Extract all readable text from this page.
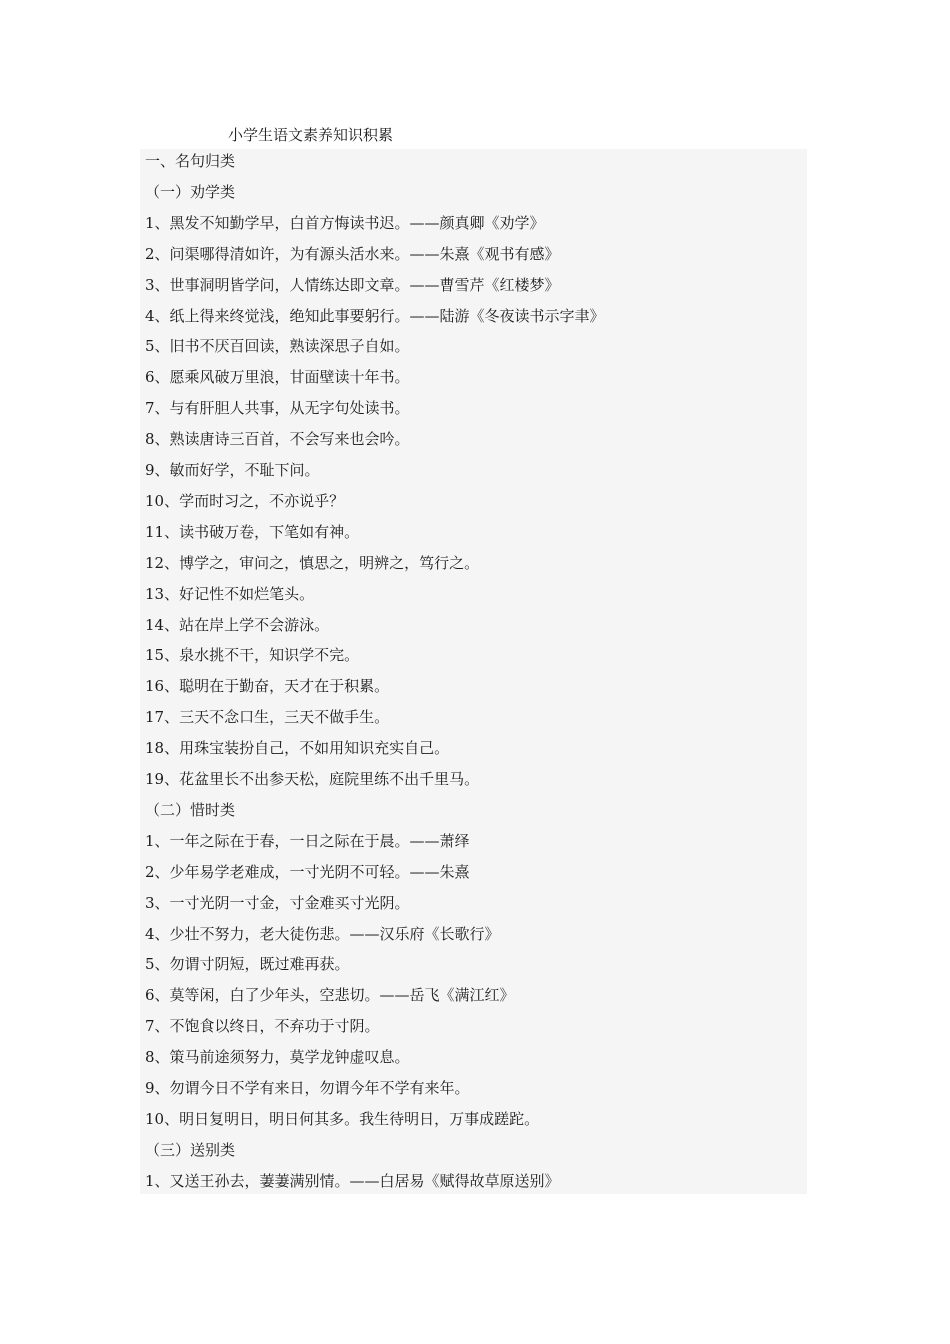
小学生语文素养知识积累
一、名句归类
（一）劝学类
1、黑发不知勤学早，白首方悔读书迟。——颜真卿《劝学》
2、问渠哪得清如许，为有源头活水来。——朱熹《观书有感》
3、世事洞明皆学问，人情练达即文章。——曹雪芹《红楼梦》
4、纸上得来终觉浅，绝知此事要躬行。——陆游《冬夜读书示字聿》
5、旧书不厌百回读，熟读深思子自如。
6、愿乘风破万里浪，甘面壁读十年书。
7、与有肝胆人共事，从无字句处读书。
8、熟读唐诗三百首，不会写来也会吟。
9、敏而好学，不耻下问。
10、学而时习之，不亦说乎？
11、读书破万卷，下笔如有神。
12、博学之，审问之，慎思之，明辨之，笃行之。
13、好记性不如烂笔头。
14、站在岸上学不会游泳。
15、泉水挑不干，知识学不完。
16、聪明在于勤奋，天才在于积累。
17、三天不念口生，三天不做手生。
18、用珠宝装扮自己，不如用知识充实自己。
19、花盆里长不出参天松，庭院里练不出千里马。
（二）惜时类
1、一年之际在于春，一日之际在于晨。——萧绎
2、少年易学老难成，一寸光阴不可轻。——朱熹
3、一寸光阴一寸金，寸金难买寸光阴。
4、少壮不努力，老大徒伤悲。——汉乐府《长歌行》
5、勿谓寸阴短，既过难再获。
6、莫等闲，白了少年头，空悲切。——岳飞《满江红》
7、不饱食以终日，不弃功于寸阴。
8、策马前途须努力，莫学龙钟虚叹息。
9、勿谓今日不学有来日，勿谓今年不学有来年。
10、明日复明日，明日何其多。我生待明日，万事成蹉跎。
（三）送别类
1、又送王孙去，萋萋满别情。——白居易《赋得故草原送别》
